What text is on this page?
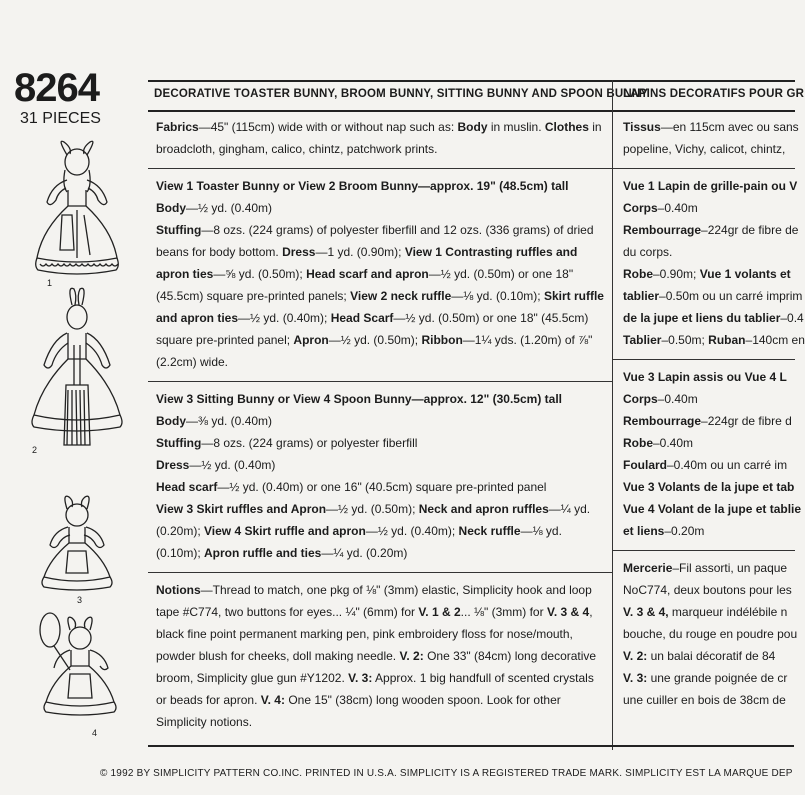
8264
31 PIECES
1
2
3
4
DECORATIVE TOASTER BUNNY, BROOM BUNNY, SITTING BUNNY AND SPOON BUNNY

Fabrics—45" (115cm) wide with or without nap such as: Body in muslin. Clothes in broadcloth, gingham, calico, chintz, patchwork prints.

View 1 Toaster Bunny or View 2 Broom Bunny—approx. 19" (48.5cm) tall

Body—½ yd. (0.40m)

Stuffing—8 ozs. (224 grams) of polyester fiberfill and 12 ozs. (336 grams) of dried beans for body bottom. Dress—1 yd. (0.90m); View 1 Contrasting ruffles and apron ties—⅝ yd. (0.50m); Head scarf and apron—½ yd. (0.50m) or one 18" (45.5cm) square pre-printed panels; View 2 neck ruffle—⅛ yd. (0.10m); Skirt ruffle and apron ties—½ yd. (0.40m); Head Scarf—½ yd. (0.50m) or one 18" (45.5cm) square pre-printed panel; Apron—½ yd. (0.50m); Ribbon—1¼ yds. (1.20m) of ⅞" (2.2cm) wide.

View 3 Sitting Bunny or View 4 Spoon Bunny—approx. 12" (30.5cm) tall

Body—⅜ yd. (0.40m)

Stuffing—8 ozs. (224 grams) or polyester fiberfill

Dress—½ yd. (0.40m)

Head scarf—½ yd. (0.40m) or one 16" (40.5cm) square pre-printed panel

View 3 Skirt ruffles and Apron—½ yd. (0.50m); Neck and apron ruffles—¼ yd. (0.20m); View 4 Skirt ruffle and apron—½ yd. (0.40m); Neck ruffle—⅛ yd. (0.10m); Apron ruffle and ties—¼ yd. (0.20m)

Notions—Thread to match, one pkg of ⅛" (3mm) elastic, Simplicity hook and loop tape #C774, two buttons for eyes... ¼" (6mm) for V. 1 & 2... ⅛" (3mm) for V. 3 & 4, black fine point permanent marking pen, pink embroidery floss for nose/mouth, powder blush for cheeks, doll making needle. V. 2: One 33" (84cm) long decorative broom, Simplicity glue gun #Y1202. V. 3: Approx. 1 big handfull of scented crystals or beads for apron. V. 4: One 15" (38cm) long wooden spoon. Look for other Simplicity notions.

LAPINS DECORATIFS POUR GR

Tissus—en 115cm avec ou sans

popeline, Vichy, calicot, chintz,

Vue 1 Lapin de grille-pain ou V

Corps–0.40m

Rembourrage–224gr de fibre de

du corps.

Robe–0.90m; Vue 1 volants et

tablier–0.50m ou un carré imprim

de la jupe et liens du tablier–0.4

Tablier–0.50m; Ruban–140cm en

Vue 3 Lapin assis ou Vue 4 L

Corps–0.40m

Rembourrage–224gr de fibre d

Robe–0.40m

Foulard–0.40m ou un carré im

Vue 3 Volants de la jupe et tab

Vue 4 Volant de la jupe et tablie

et liens–0.20m

Mercerie–Fil assorti, un paque

NoC774, deux boutons pour les

V. 3 & 4, marqueur indélébile n

bouche, du rouge en poudre pou

V. 2: un balai décoratif de 84

V. 3: une grande poignée de cr

une cuiller en bois de 38cm de

© 1992 BY SIMPLICITY PATTERN CO.INC. PRINTED IN U.S.A. SIMPLICITY IS A REGISTERED TRADE MARK. SIMPLICITY EST LA MARQUE DEP
